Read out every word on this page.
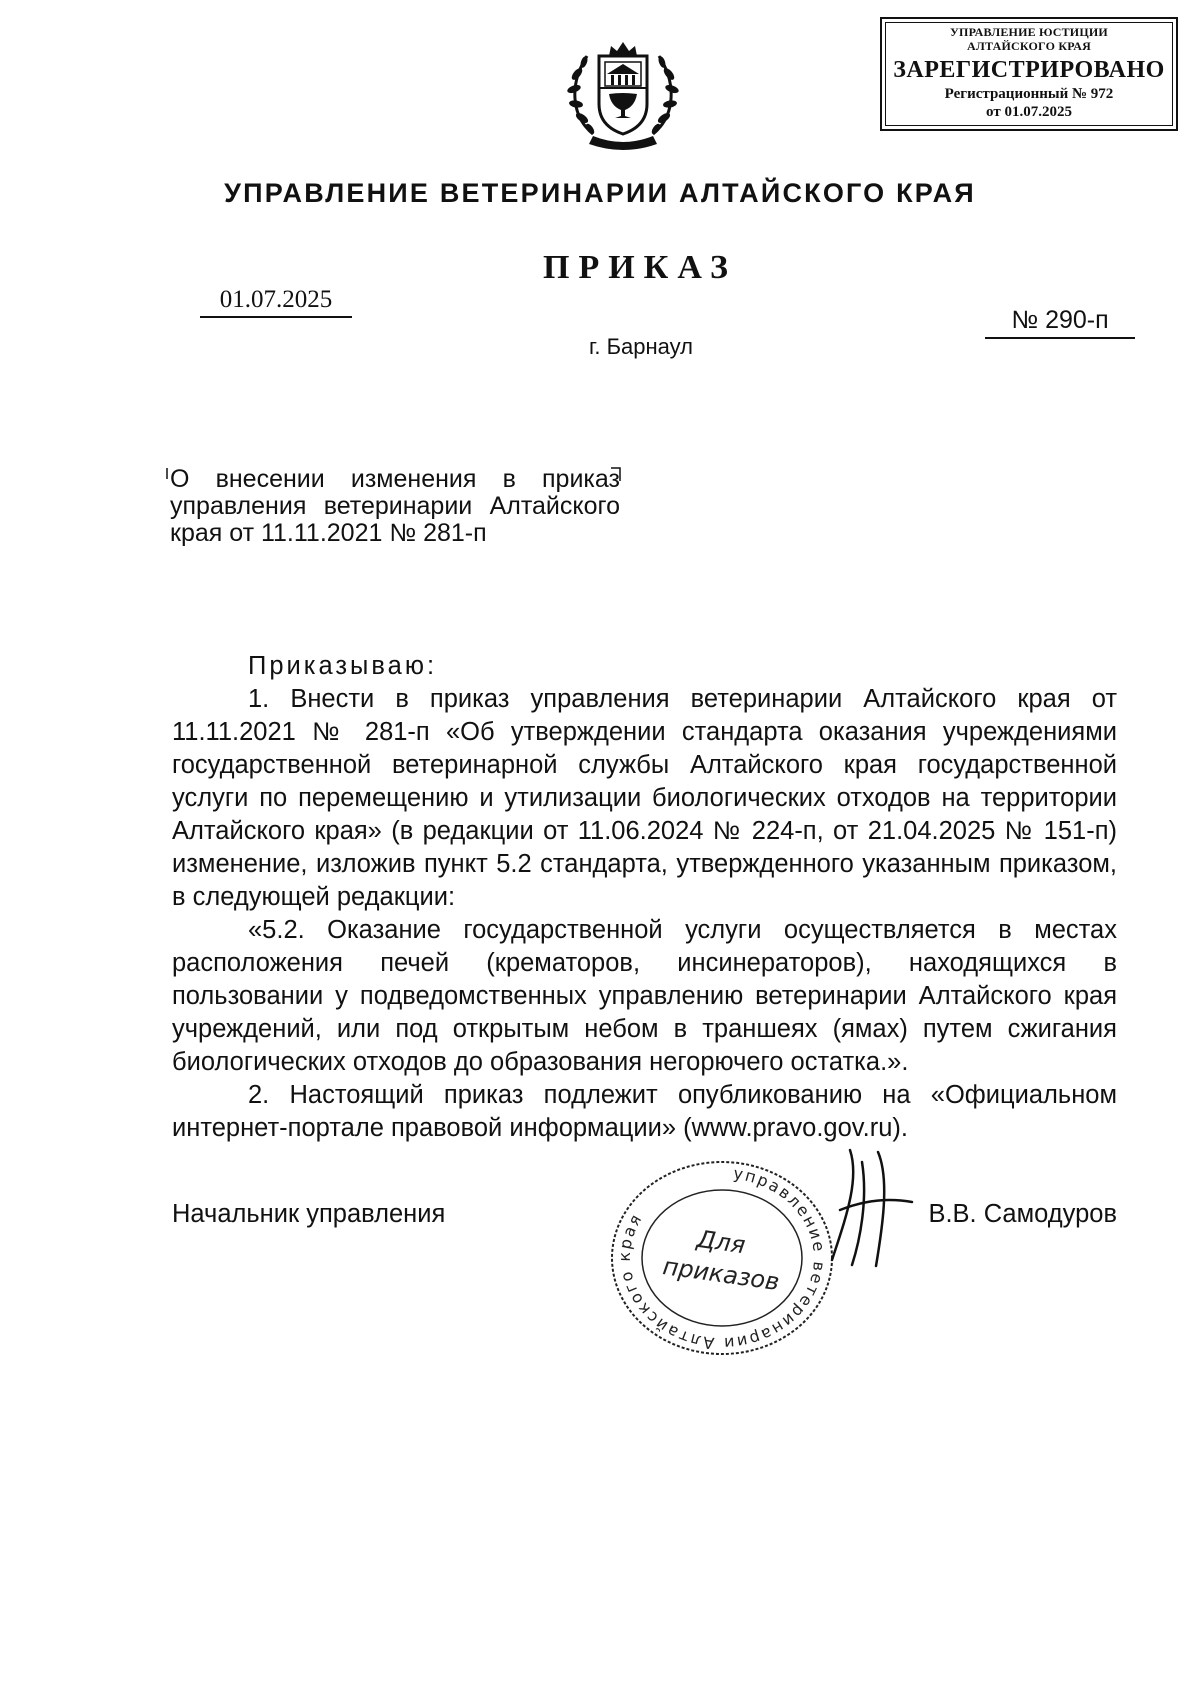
УПРАВЛЕНИЕ ЮСТИЦИИ
АЛТАЙСКОГО КРАЯ
ЗАРЕГИСТРИРОВАНО
Регистрационный № 972
от 01.07.2025
УПРАВЛЕНИЕ ВЕТЕРИНАРИИ АЛТАЙСКОГО КРАЯ
ПРИКАЗ
01.07.2025
№ 290-п
г. Барнаул
О внесении изменения в приказ управления ветеринарии Алтайского края от 11.11.2021 № 281-п

Приказываю:

1. Внести в приказ управления ветеринарии Алтайского края от 11.11.2021 № 281-п «Об утверждении стандарта оказания учреждениями государственной ветеринарной службы Алтайского края государственной услуги по перемещению и утилизации биологических отходов на территории Алтайского края» (в редакции от 11.06.2024 № 224-п, от 21.04.2025 № 151-п) изменение, изложив пункт 5.2 стандарта, утвержденного указанным приказом, в следующей редакции:

«5.2. Оказание государственной услуги осуществляется в местах расположения печей (крематоров, инсинераторов), находящихся в пользовании у подведомственных управлению ветеринарии Алтайского края учреждений, или под открытым небом в траншеях (ямах) путем сжигания биологических отходов до образования негорючего остатка.».

2. Настоящий приказ подлежит опубликованию на «Официальном интернет-портале правовой информации» (www.pravo.gov.ru).

Начальник управления
управление ветеринарии Алтайского края
Для
приказов
В.В. Самодуров
